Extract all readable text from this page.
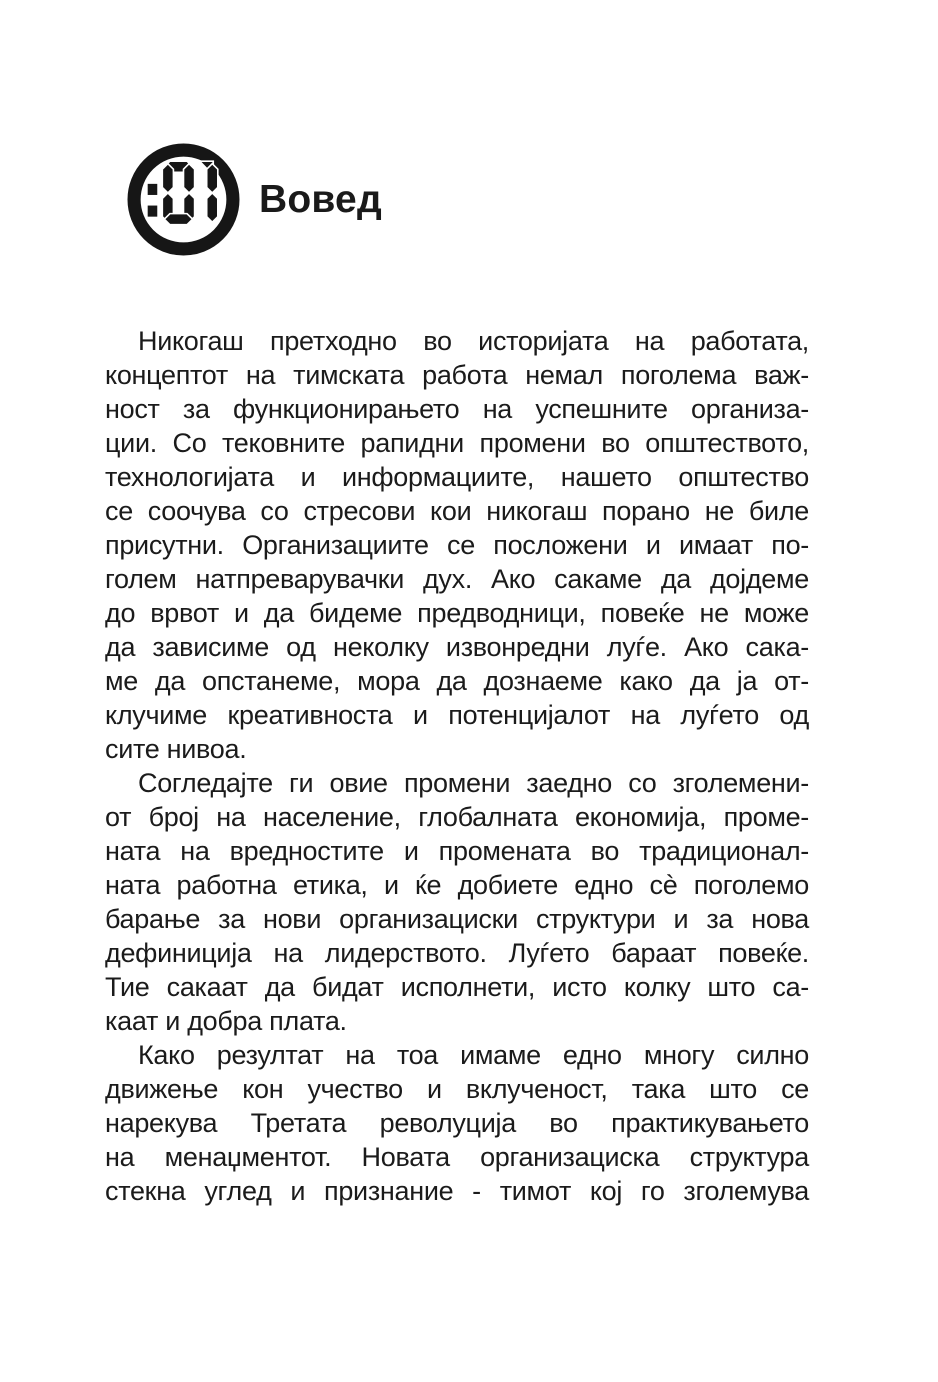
Вовед
Никогаш претходно во историјата на работата,
концептот на тимската работа немал поголема важ-
ност за функционирањето на успешните организа-
ции. Со тековните рапидни промени во општеството,
технологијата и информациите, нашето општество
се соочува со стресови кои никогаш порано не биле
присутни. Организациите се посложени и имаат по-
голем натпреварувачки дух. Ако сакаме да дојдеме
до врвот и да бидеме предводници, повеќе не може
да зависиме од неколку извонредни луѓе. Ако сака-
ме да опстанеме, мора да дознаеме како да ја от-
клучиме креативноста и потенцијалот на луѓето од
сите нивоа.
Согледајте ги овие промени заедно со зголемени-
от број на население, глобалната економија, проме-
ната на вредностите и промената во традиционал-
ната работна етика, и ќе добиете едно сè поголемо
барање за нови организациски структури и за нова
дефиниција на лидерството. Луѓето бараат повеќе.
Тие сакаат да бидат исполнети, исто колку што са-
каат и добра плата.
Како резултат на тоа имаме едно многу силно
движење кон учество и вклученост, така што се
нарекува Третата револуција во практикувањето
на менаџментот. Новата организациска структура
стекна углед и признание - тимот кој го зголемува
